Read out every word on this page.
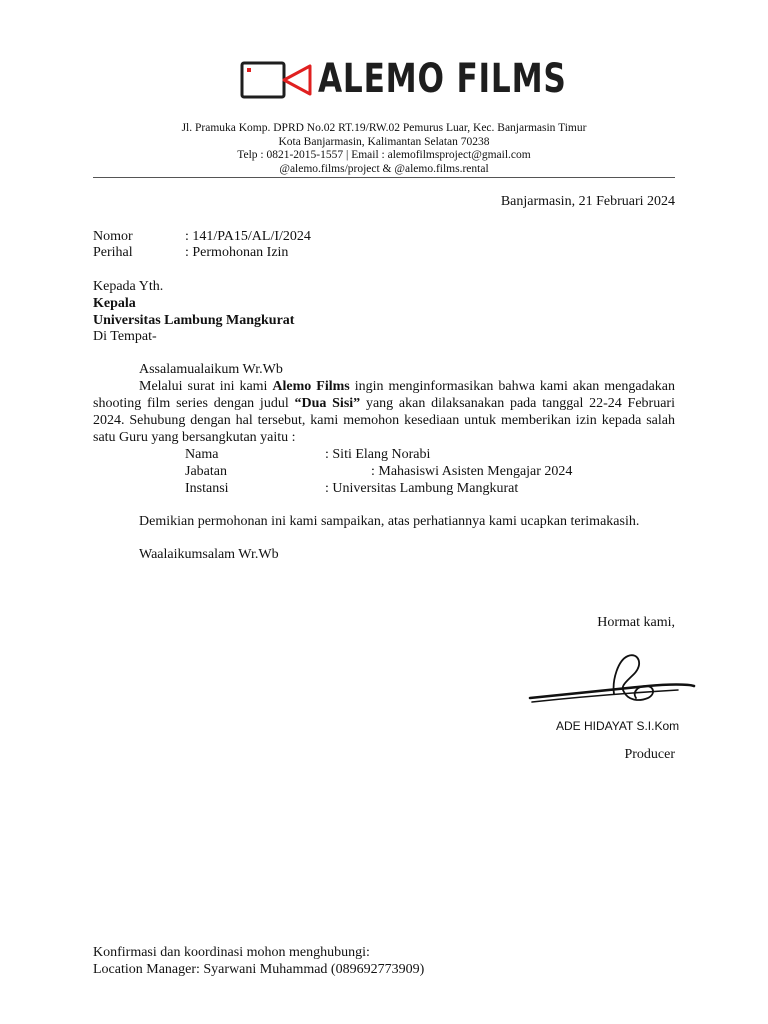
ALEMO FILMS
Jl. Pramuka Komp. DPRD No.02 RT.19/RW.02 Pemurus Luar, Kec. Banjarmasin Timur
Kota Banjarmasin, Kalimantan Selatan 70238
Telp : 0821-2015-1557 | Email : alemofilmsproject@gmail.com
@alemo.films/project & @alemo.films.rental
Banjarmasin, 21 Februari 2024
Nomor	: 141/PA15/AL/I/2024
Perihal	: Permohonan Izin
Kepada Yth.
Kepala
Universitas Lambung Mangkurat
Di Tempat-
Assalamualaikum Wr.Wb
Melalui surat ini kami Alemo Films ingin menginformasikan bahwa kami akan mengadakan shooting film series dengan judul “Dua Sisi” yang akan dilaksanakan pada tanggal 22-24 Februari 2024. Sehubung dengan hal tersebut, kami memohon kesediaan untuk memberikan izin kepada salah satu Guru yang bersangkutan yaitu :
Nama	: Siti Elang Norabi
Jabatan	: Mahasiswi Asisten Mengajar 2024
Instansi	: Universitas Lambung Mangkurat
Demikian permohonan ini kami sampaikan, atas perhatiannya kami ucapkan terimakasih.
Waalaikumsalam Wr.Wb
Hormat kami,
ADE HIDAYAT S.I.Kom
Producer
Konfirmasi dan koordinasi mohon menghubungi:
Location Manager: Syarwani Muhammad (089692773909)
